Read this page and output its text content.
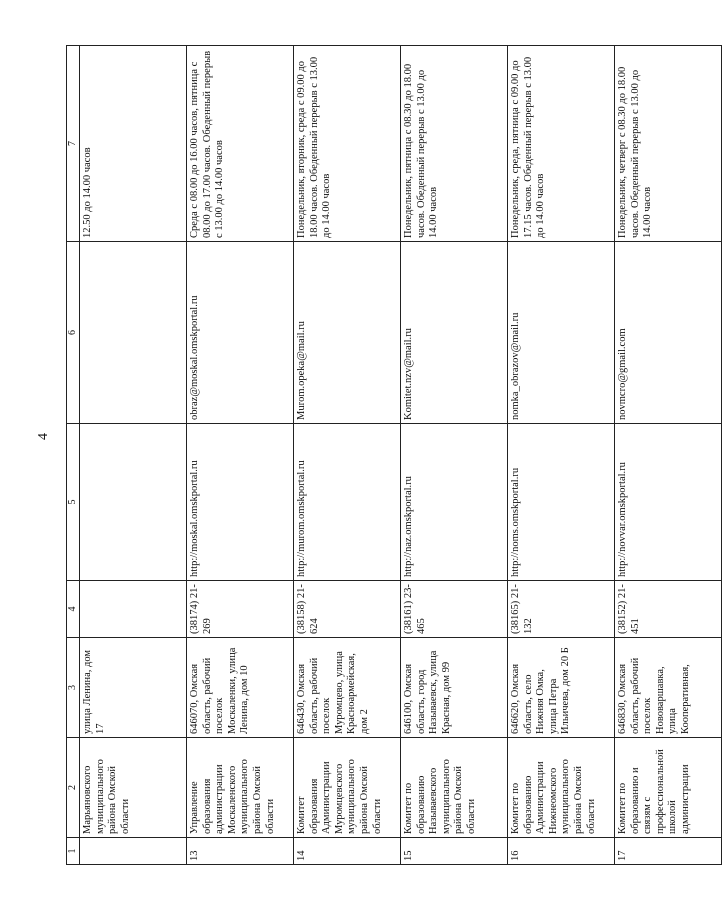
4
1	2	3	4	5	6	7
	Марьяновского муниципального района Омской области	улица Ленина, дом 17				12.50 до 14.00 часов
13	Управление образования администрации Москаленского муниципального района Омской области	646070, Омская область, рабочий поселок Москаленки, улица Ленина, дом 10	(38174) 21-269	http://moskal.omskportal.ru	obraz@moskal.omskportal.ru	Среда с 08.00 до 16.00 часов, пятница с 08.00 до 17.00 часов. Обеденный перерыв с 13.00 до 14.00 часов
14	Комитет образования Администрации Муромцевского муниципального района Омской области	646430, Омская область, рабочий поселок Муромцево, улица Красноармейская, дом 2	(38158) 21-624	http://murom.omskportal.ru	Murom.opeka@mail.ru	Понедельник, вторник, среда с 09.00 до 18.00 часов. Обеденный перерыв с 13.00 до 14.00 часов
15	Комитет по образованию Называевского муниципального района Омской области	646100, Омская область, город Называевск, улица Красная, дом 99	(38161) 23-465	http://naz.omskportal.ru	Komitet.nzv@mail.ru	Понедельник, пятница с 08.30 до 18.00 часов. Обеденный перерыв с 13.00 до 14.00 часов
16	Комитет по образованию Администрации Нижнеомского муниципального района Омской области	646620, Омская область, село Нижняя Омка, улица Петра Ильичева, дом 20 Б	(38165) 21-132	http://noms.omskportal.ru	nomka_obrazov@mail.ru	Понедельник, среда, пятница с 09.00 до 17.15 часов. Обеденный перерыв с 13.00 до 14.00 часов
17	Комитет по образованию и связям с профессиональной школой администрации	646830, Омская область, рабочий поселок Нововаршавка, улица Кооперативная,	(38152) 21-451	http://novvar.omskportal.ru	novmcro@gmail.com	Понедельник, четверг с 08.30 до 18.00 часов. Обеденный перерыв с 13.00 до 14.00 часов
